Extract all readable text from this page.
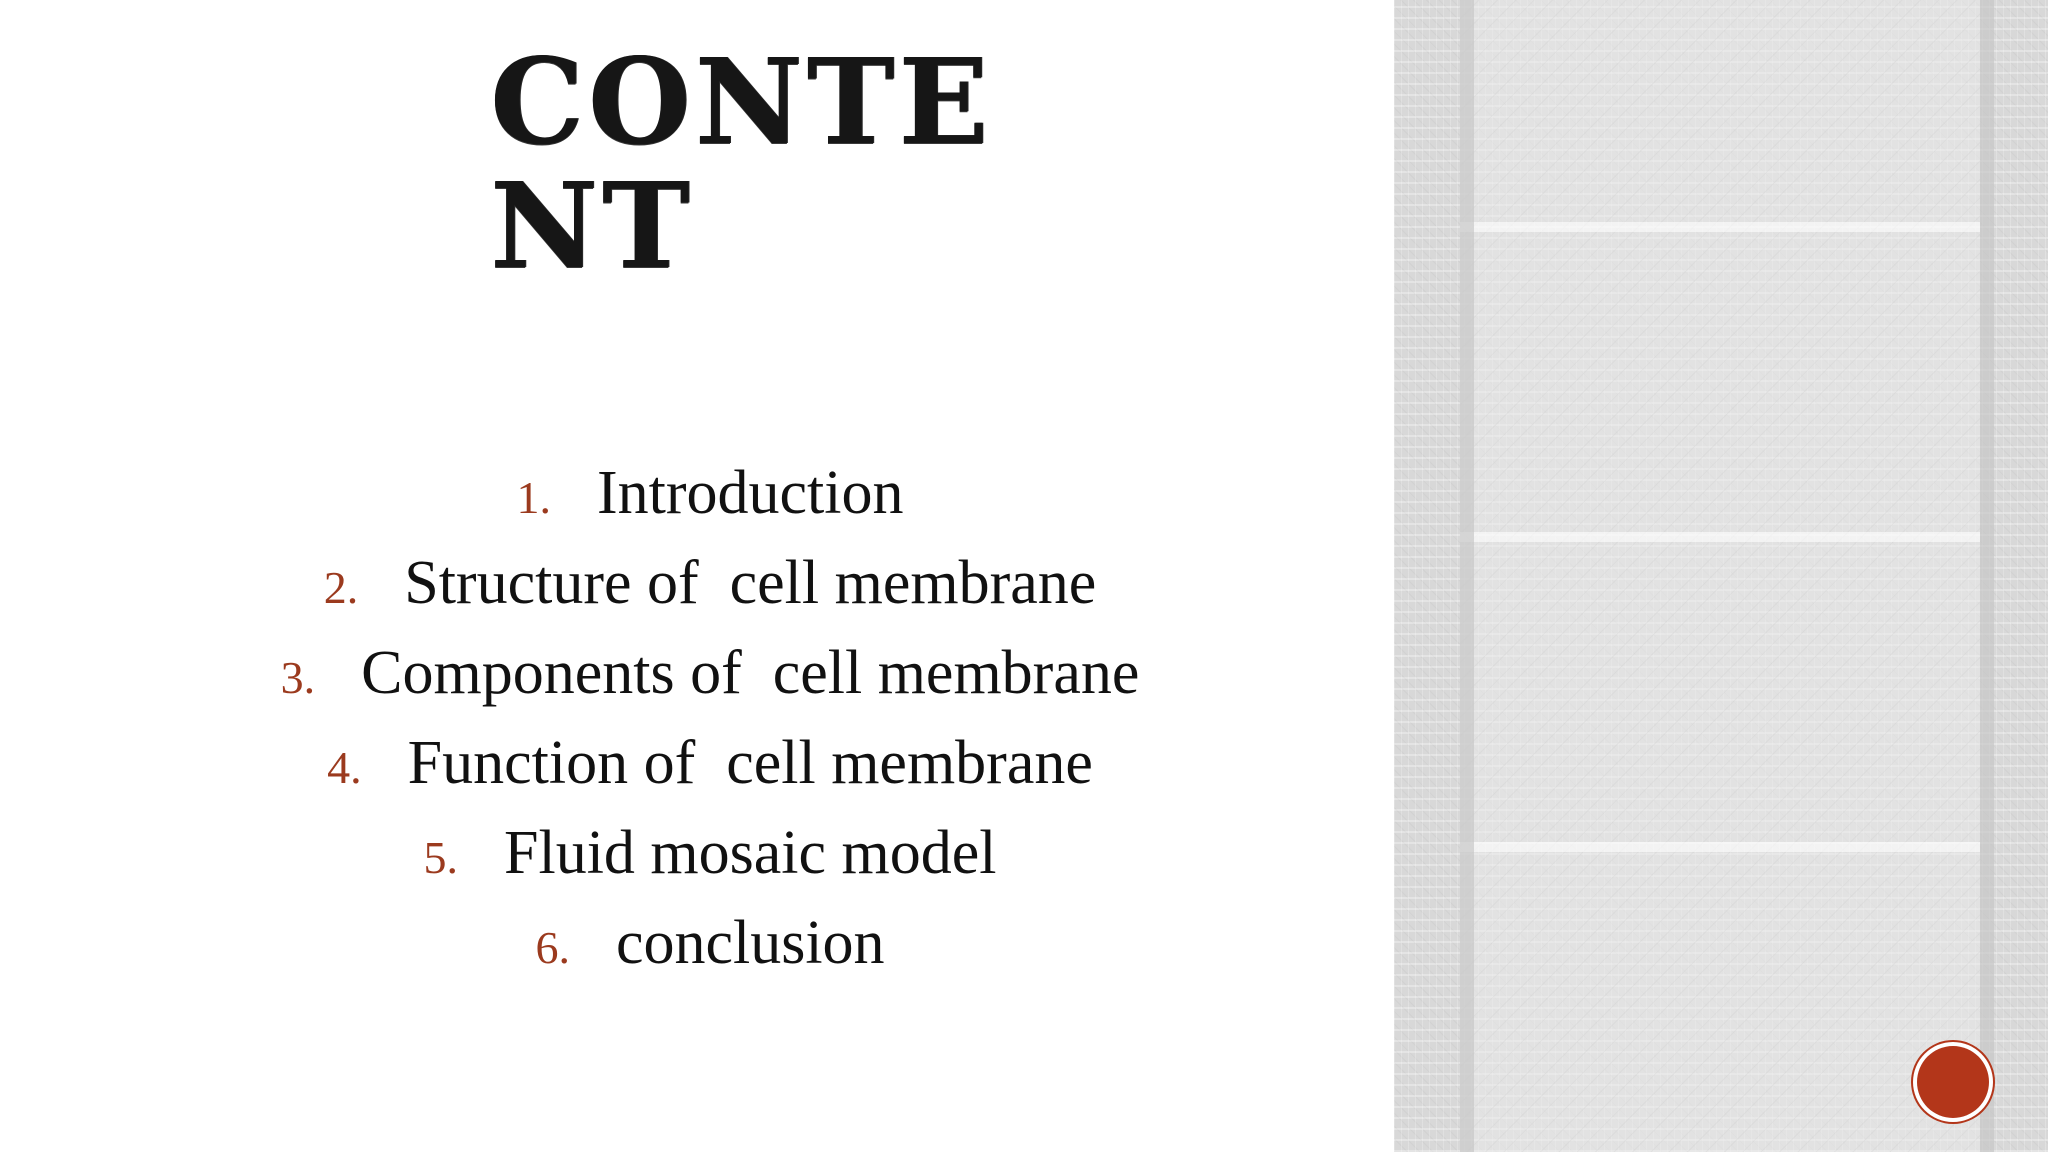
CONTE
NT
1. Introduction
2. Structure of  cell membrane
3. Components of  cell membrane
4. Function of  cell membrane
5. Fluid mosaic model
6. conclusion
